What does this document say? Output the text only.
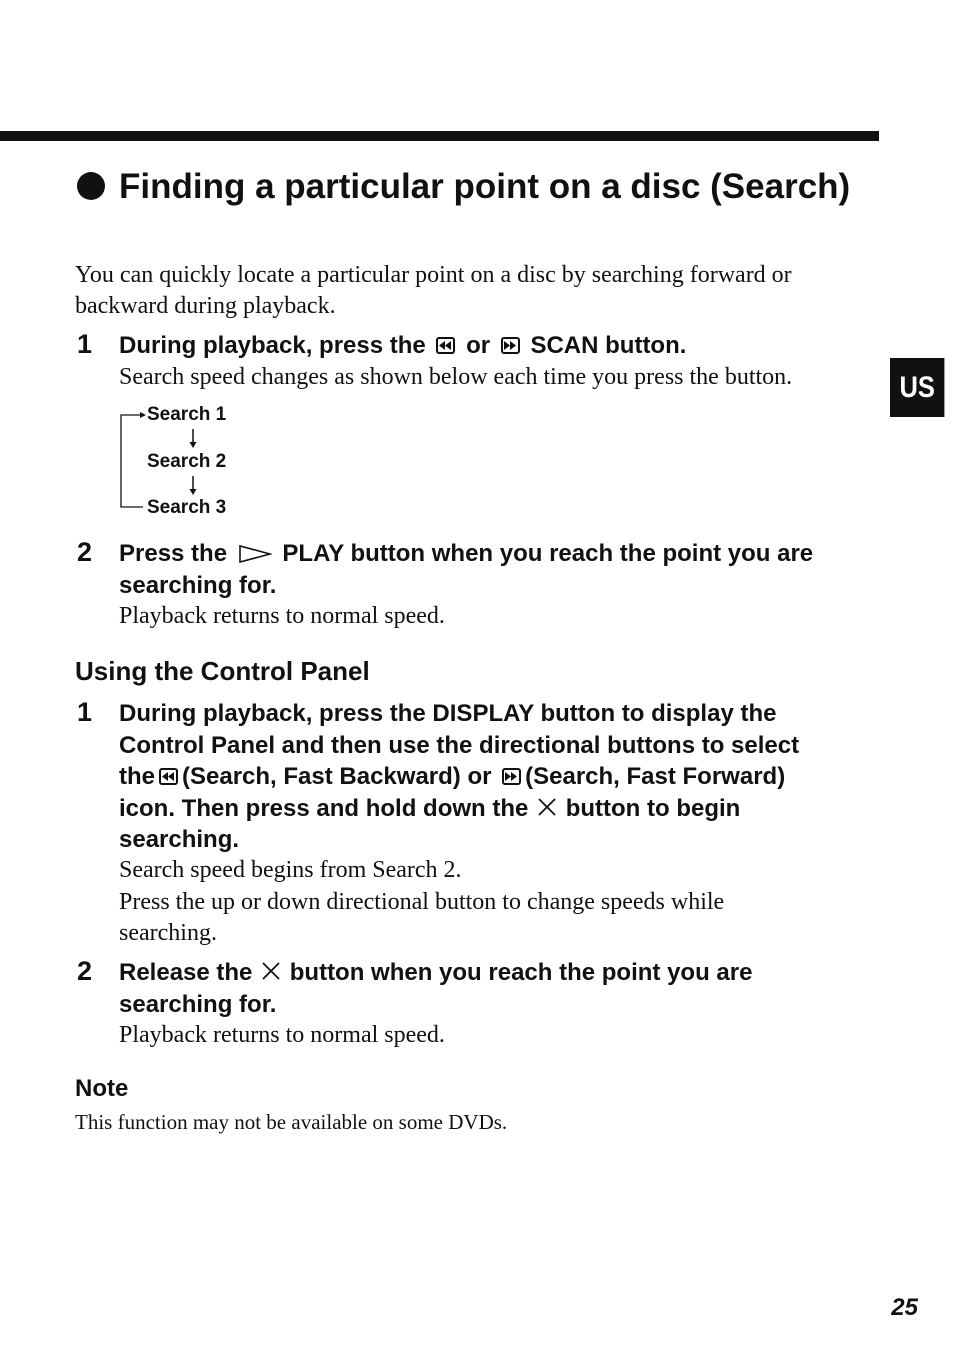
US
Finding a particular point on a disc (Search)

You can quickly locate a particular point on a disc by searching forward or backward during playback.

1 During playback, press the or SCAN button.

Search speed changes as shown below each time you press the button.

Search 1
Search 2
Search 3
2 Press the PLAY button when you reach the point you are searching for.

Playback returns to normal speed.

Using the Control Panel
1 During playback, press the DISPLAY button to display the
Control Panel and then use the directional buttons to select
the (Search, Fast Backward) or (Search, Fast Forward)
icon. Then press and hold down the button to begin
searching.

Search speed begins from Search 2.

Press the up or down directional button to change speeds while searching.

2 Release the button when you reach the point you are searching for.

Playback returns to normal speed.

Note

This function may not be available on some DVDs.

25
